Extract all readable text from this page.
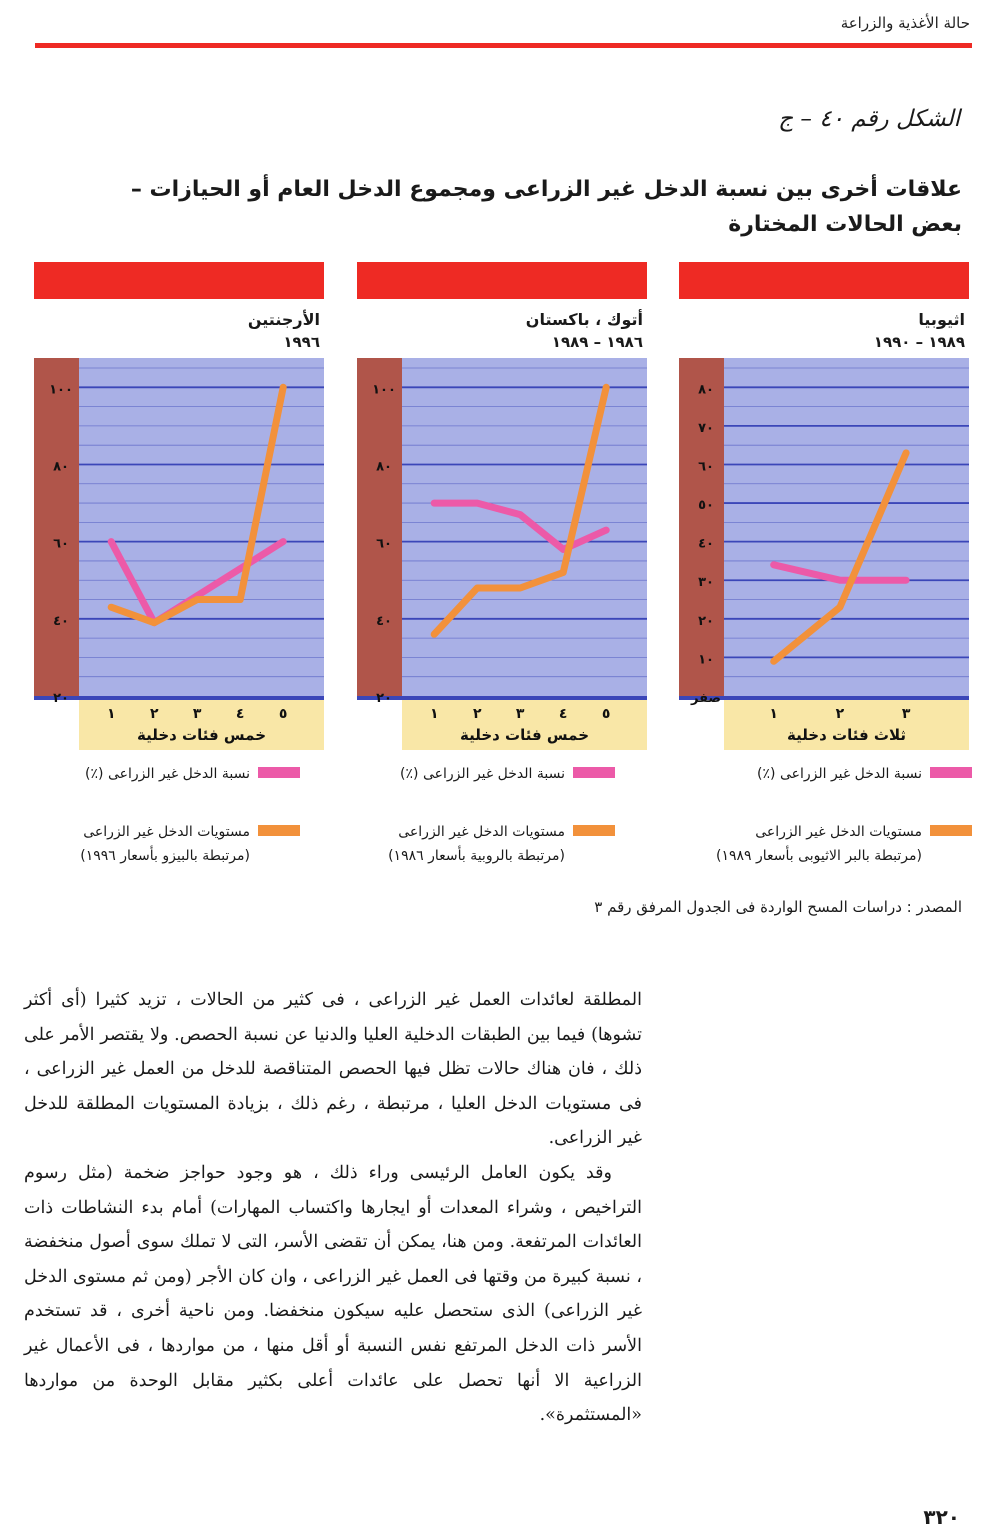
حالة الأغذية والزراعة
الشكل رقم ٤٠ – ج
علاقات أخرى بين نسبة الدخل غير الزراعى ومجموع الدخل العام أو الحيازات – بعض الحالات المختارة
اثيوبيا
١٩٨٩ – ١٩٩٠
صفر
١٠
٢٠
٣٠
٤٠
٥٠
٦٠
٧٠
٨٠
١	٢	٣
ثلاث فئات دخلية
أتوك ، باكستان
١٩٨٦ – ١٩٨٩
٢٠
٤٠
٦٠
٨٠
١٠٠
١ ٢ ٣ ٤ ٥
خمس فئات دخلية
الأرجنتين
١٩٩٦
٢٠
٤٠
٦٠
٨٠
١٠٠
١ ٢ ٣ ٤ ٥
خمس فئات دخلية
نسبة الدخل غير الزراعى (٪)
مستويات الدخل غير الزراعى
(مرتبطة بالبر الاثيوبى بأسعار ١٩٨٩)
نسبة الدخل غير الزراعى (٪)
مستويات الدخل غير الزراعى
(مرتبطة بالروبية بأسعار ١٩٨٦)
نسبة الدخل غير الزراعى (٪)
مستويات الدخل غير الزراعى
(مرتبطة بالبيزو بأسعار ١٩٩٦)
المصدر : دراسات المسح الواردة فى الجدول المرفق رقم ٣

المطلقة لعائدات العمل غير الزراعى ، فى كثير من الحالات ، تزيد كثيرا (أى أكثر تشوها) فيما بين الطبقات الدخلية العليا والدنيا عن نسبة الحصص. ولا يقتصر الأمر على ذلك ، فان هناك حالات تظل فيها الحصص المتناقصة للدخل من العمل غير الزراعى ، فى مستويات الدخل العليا ، مرتبطة ، رغم ذلك ، بزيادة المستويات المطلقة للدخل غير الزراعى.

وقد يكون العامل الرئيسى وراء ذلك ، هو وجود حواجز ضخمة (مثل رسوم التراخيص ، وشراء المعدات أو ايجارها واكتساب المهارات) أمام بدء النشاطات ذات العائدات المرتفعة. ومن هنا، يمكن أن تقضى الأسر، التى لا تملك سوى أصول منخفضة ، نسبة كبيرة من وقتها فى العمل غير الزراعى ، وان كان الأجر (ومن ثم مستوى الدخل غير الزراعى) الذى ستحصل عليه سيكون منخفضا. ومن ناحية أخرى ، قد تستخدم الأسر ذات الدخل المرتفع نفس النسبة أو أقل منها ، من مواردها ، فى الأعمال غير الزراعية الا أنها تحصل على عائدات أعلى بكثير مقابل الوحدة من مواردها «المستثمرة».

٣٢٠
